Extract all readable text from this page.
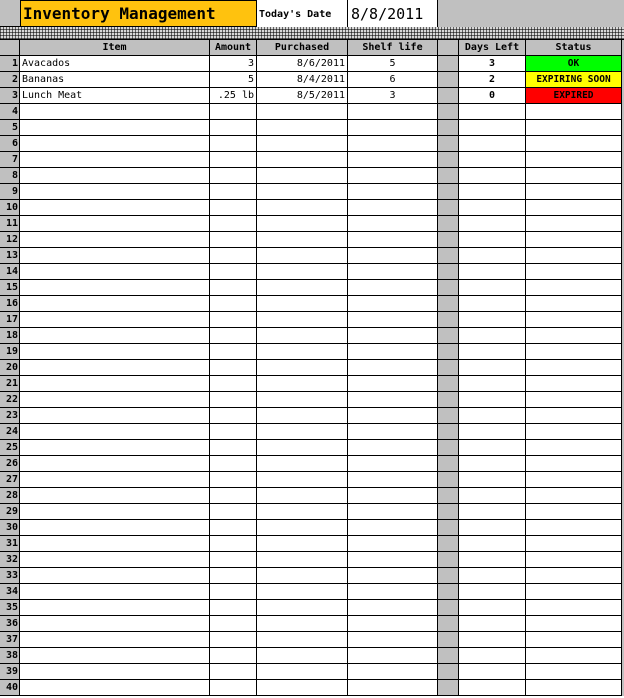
Inventory Management	Today's Date	8/8/2011
Item	Amount	Purchased	Shelf life	Days Left	Status
1 Avacados	3	8/6/2011	5	3	OK
2 Bananas	5	8/4/2011	6	2	EXPIRING SOON
3 Lunch Meat	.25 lb	8/5/2011	3	0	EXPIRED
4
5
6
7
8
9
10
11
12
13
14
15
16
17
18
19
20
21
22
23
24
25
26
27
28
29
30
31
32
33
34
35
36
37
38
39
40
